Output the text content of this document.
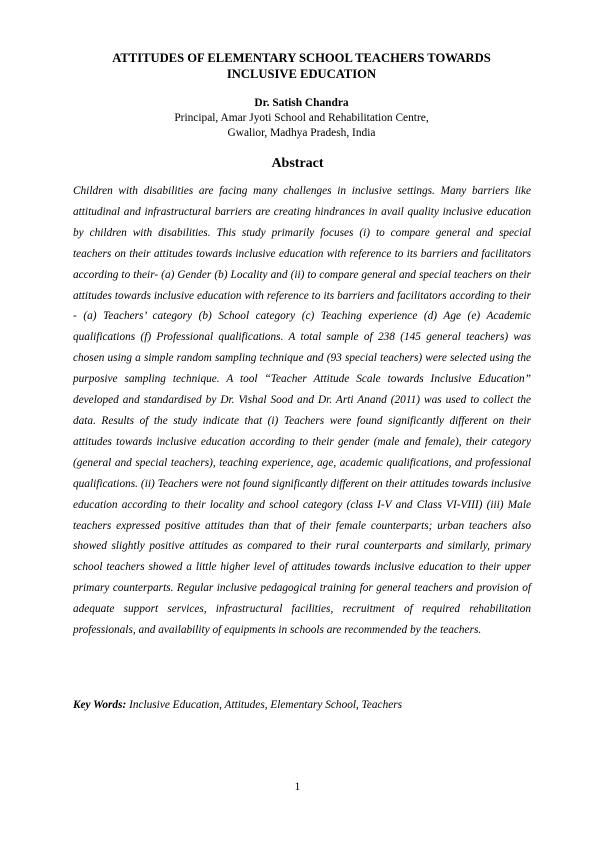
ATTITUDES OF ELEMENTARY SCHOOL TEACHERS TOWARDS
INCLUSIVE EDUCATION
Dr. Satish Chandra
Principal, Amar Jyoti School and Rehabilitation Centre,
Gwalior, Madhya Pradesh, India
Abstract

Children with disabilities are facing many challenges in inclusive settings. Many barriers like attitudinal and infrastructural barriers are creating hindrances in avail quality inclusive education by children with disabilities. This study primarily focuses (i) to compare general and special teachers on their attitudes towards inclusive education with reference to its barriers and facilitators according to their- (a) Gender (b) Locality and (ii) to compare general and special teachers on their attitudes towards inclusive education with reference to its barriers and facilitators according to their - (a) Teachers’ category (b) School category (c) Teaching experience (d) Age (e) Academic qualifications (f) Professional qualifications. A total sample of 238 (145 general teachers) was chosen using a simple random sampling technique and (93 special teachers) were selected using the purposive sampling technique. A tool “Teacher Attitude Scale towards Inclusive Education” developed and standardised by Dr. Vishal Sood and Dr. Arti Anand (2011) was used to collect the data. Results of the study indicate that (i) Teachers were found significantly different on their attitudes towards inclusive education according to their gender (male and female), their category (general and special teachers), teaching experience, age, academic qualifications, and professional qualifications. (ii) Teachers were not found significantly different on their attitudes towards inclusive education according to their locality and school category (class I-V and Class VI-VIII) (iii) Male teachers expressed positive attitudes than that of their female counterparts; urban teachers also showed slightly positive attitudes as compared to their rural counterparts and similarly, primary school teachers showed a little higher level of attitudes towards inclusive education to their upper primary counterparts. Regular inclusive pedagogical training for general teachers and provision of adequate support services, infrastructural facilities, recruitment of required rehabilitation professionals, and availability of equipments in schools are recommended by the teachers.

Key Words: Inclusive Education, Attitudes, Elementary School, Teachers

1
